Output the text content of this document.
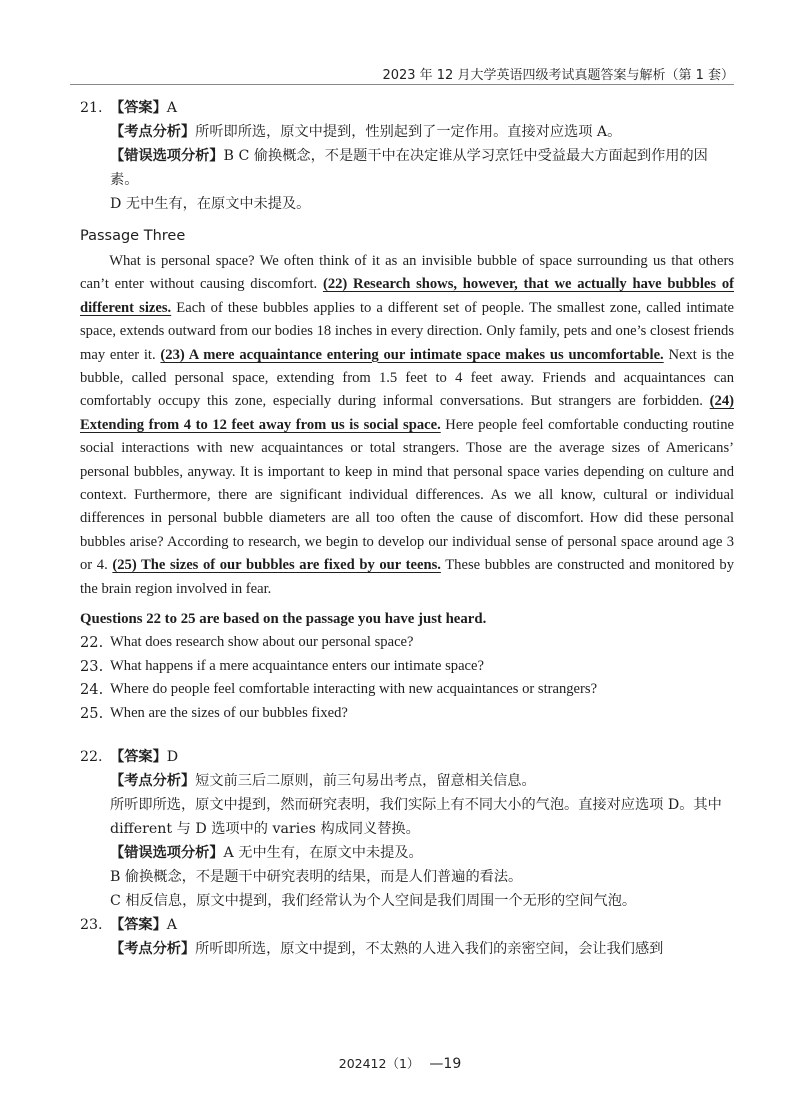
2023 年 12 月大学英语四级考试真题答案与解析（第 1 套）
21. 【答案】A
【考点分析】所听即所选，原文中提到，性别起到了一定作用。直接对应选项 A。
【错误选项分析】B C 偷换概念，不是题干中在决定谁从学习烹饪中受益最大方面起到作用的因素。
D 无中生有，在原文中未提及。
Passage Three
What is personal space? We often think of it as an invisible bubble of space surrounding us that others can’t enter without causing discomfort. (22) Research shows, however, that we actually have bubbles of different sizes. Each of these bubbles applies to a different set of people. The smallest zone, called intimate space, extends outward from our bodies 18 inches in every direction. Only family, pets and one’s closest friends may enter it. (23) A mere acquaintance entering our intimate space makes us uncomfortable. Next is the bubble, called personal space, extending from 1.5 feet to 4 feet away. Friends and acquaintances can comfortably occupy this zone, especially during informal conversations. But strangers are forbidden. (24) Extending from 4 to 12 feet away from us is social space. Here people feel comfortable conducting routine social interactions with new acquaintances or total strangers. Those are the average sizes of Americans’ personal bubbles, anyway. It is important to keep in mind that personal space varies depending on culture and context. Furthermore, there are significant individual differences. As we all know, cultural or individual differences in personal bubble diameters are all too often the cause of discomfort. How did these personal bubbles arise? According to research, we begin to develop our individual sense of personal space around age 3 or 4. (25) The sizes of our bubbles are fixed by our teens. These bubbles are constructed and monitored by the brain region involved in fear.
Questions 22 to 25 are based on the passage you have just heard.
22. What does research show about our personal space?
23. What happens if a mere acquaintance enters our intimate space?
24. Where do people feel comfortable interacting with new acquaintances or strangers?
25. When are the sizes of our bubbles fixed?
22. 【答案】D
【考点分析】短文前三后二原则，前三句易出考点，留意相关信息。
所听即所选，原文中提到，然而研究表明，我们实际上有不同大小的气泡。直接对应选项 D。其中 different 与 D 选项中的 varies 构成同义替换。
【错误选项分析】A 无中生有，在原文中未提及。
B 偷换概念，不是题干中研究表明的结果，而是人们普遍的看法。
C 相反信息，原文中提到，我们经常认为个人空间是我们周围一个无形的空间气泡。
23. 【答案】A
【考点分析】所听即所选，原文中提到，不太熟的人进入我们的亲密空间，会让我们感到
202412（1） —19
